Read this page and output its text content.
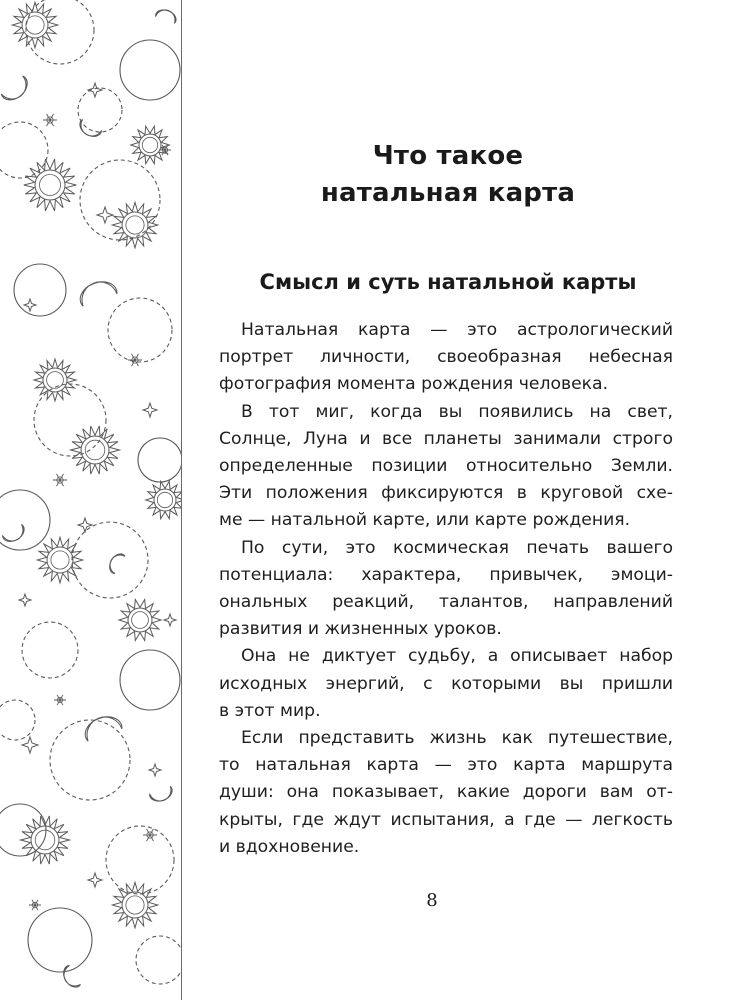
Что такое
натальная карта
Смысл и суть натальной карты

Натальная карта — это астрологический
портрет личности, своеобразная небесная
фотография момента рождения человека.

В тот миг, когда вы появились на свет,
Солнце, Луна и все планеты занимали строго
определенные позиции относительно Земли.
Эти положения фиксируются в круговой схе-
ме — натальной карте, или карте рождения.

По сути, это космическая печать вашего
потенциала: характера, привычек, эмоци-
ональных реакций, талантов, направлений
развития и жизненных уроков.

Она не диктует судьбу, а описывает набор
исходных энергий, с которыми вы пришли
в этот мир.

Если представить жизнь как путешествие,
то натальная карта — это карта маршрута
души: она показывает, какие дороги вам от-
крыты, где ждут испытания, а где — легкость
и вдохновение.

8
